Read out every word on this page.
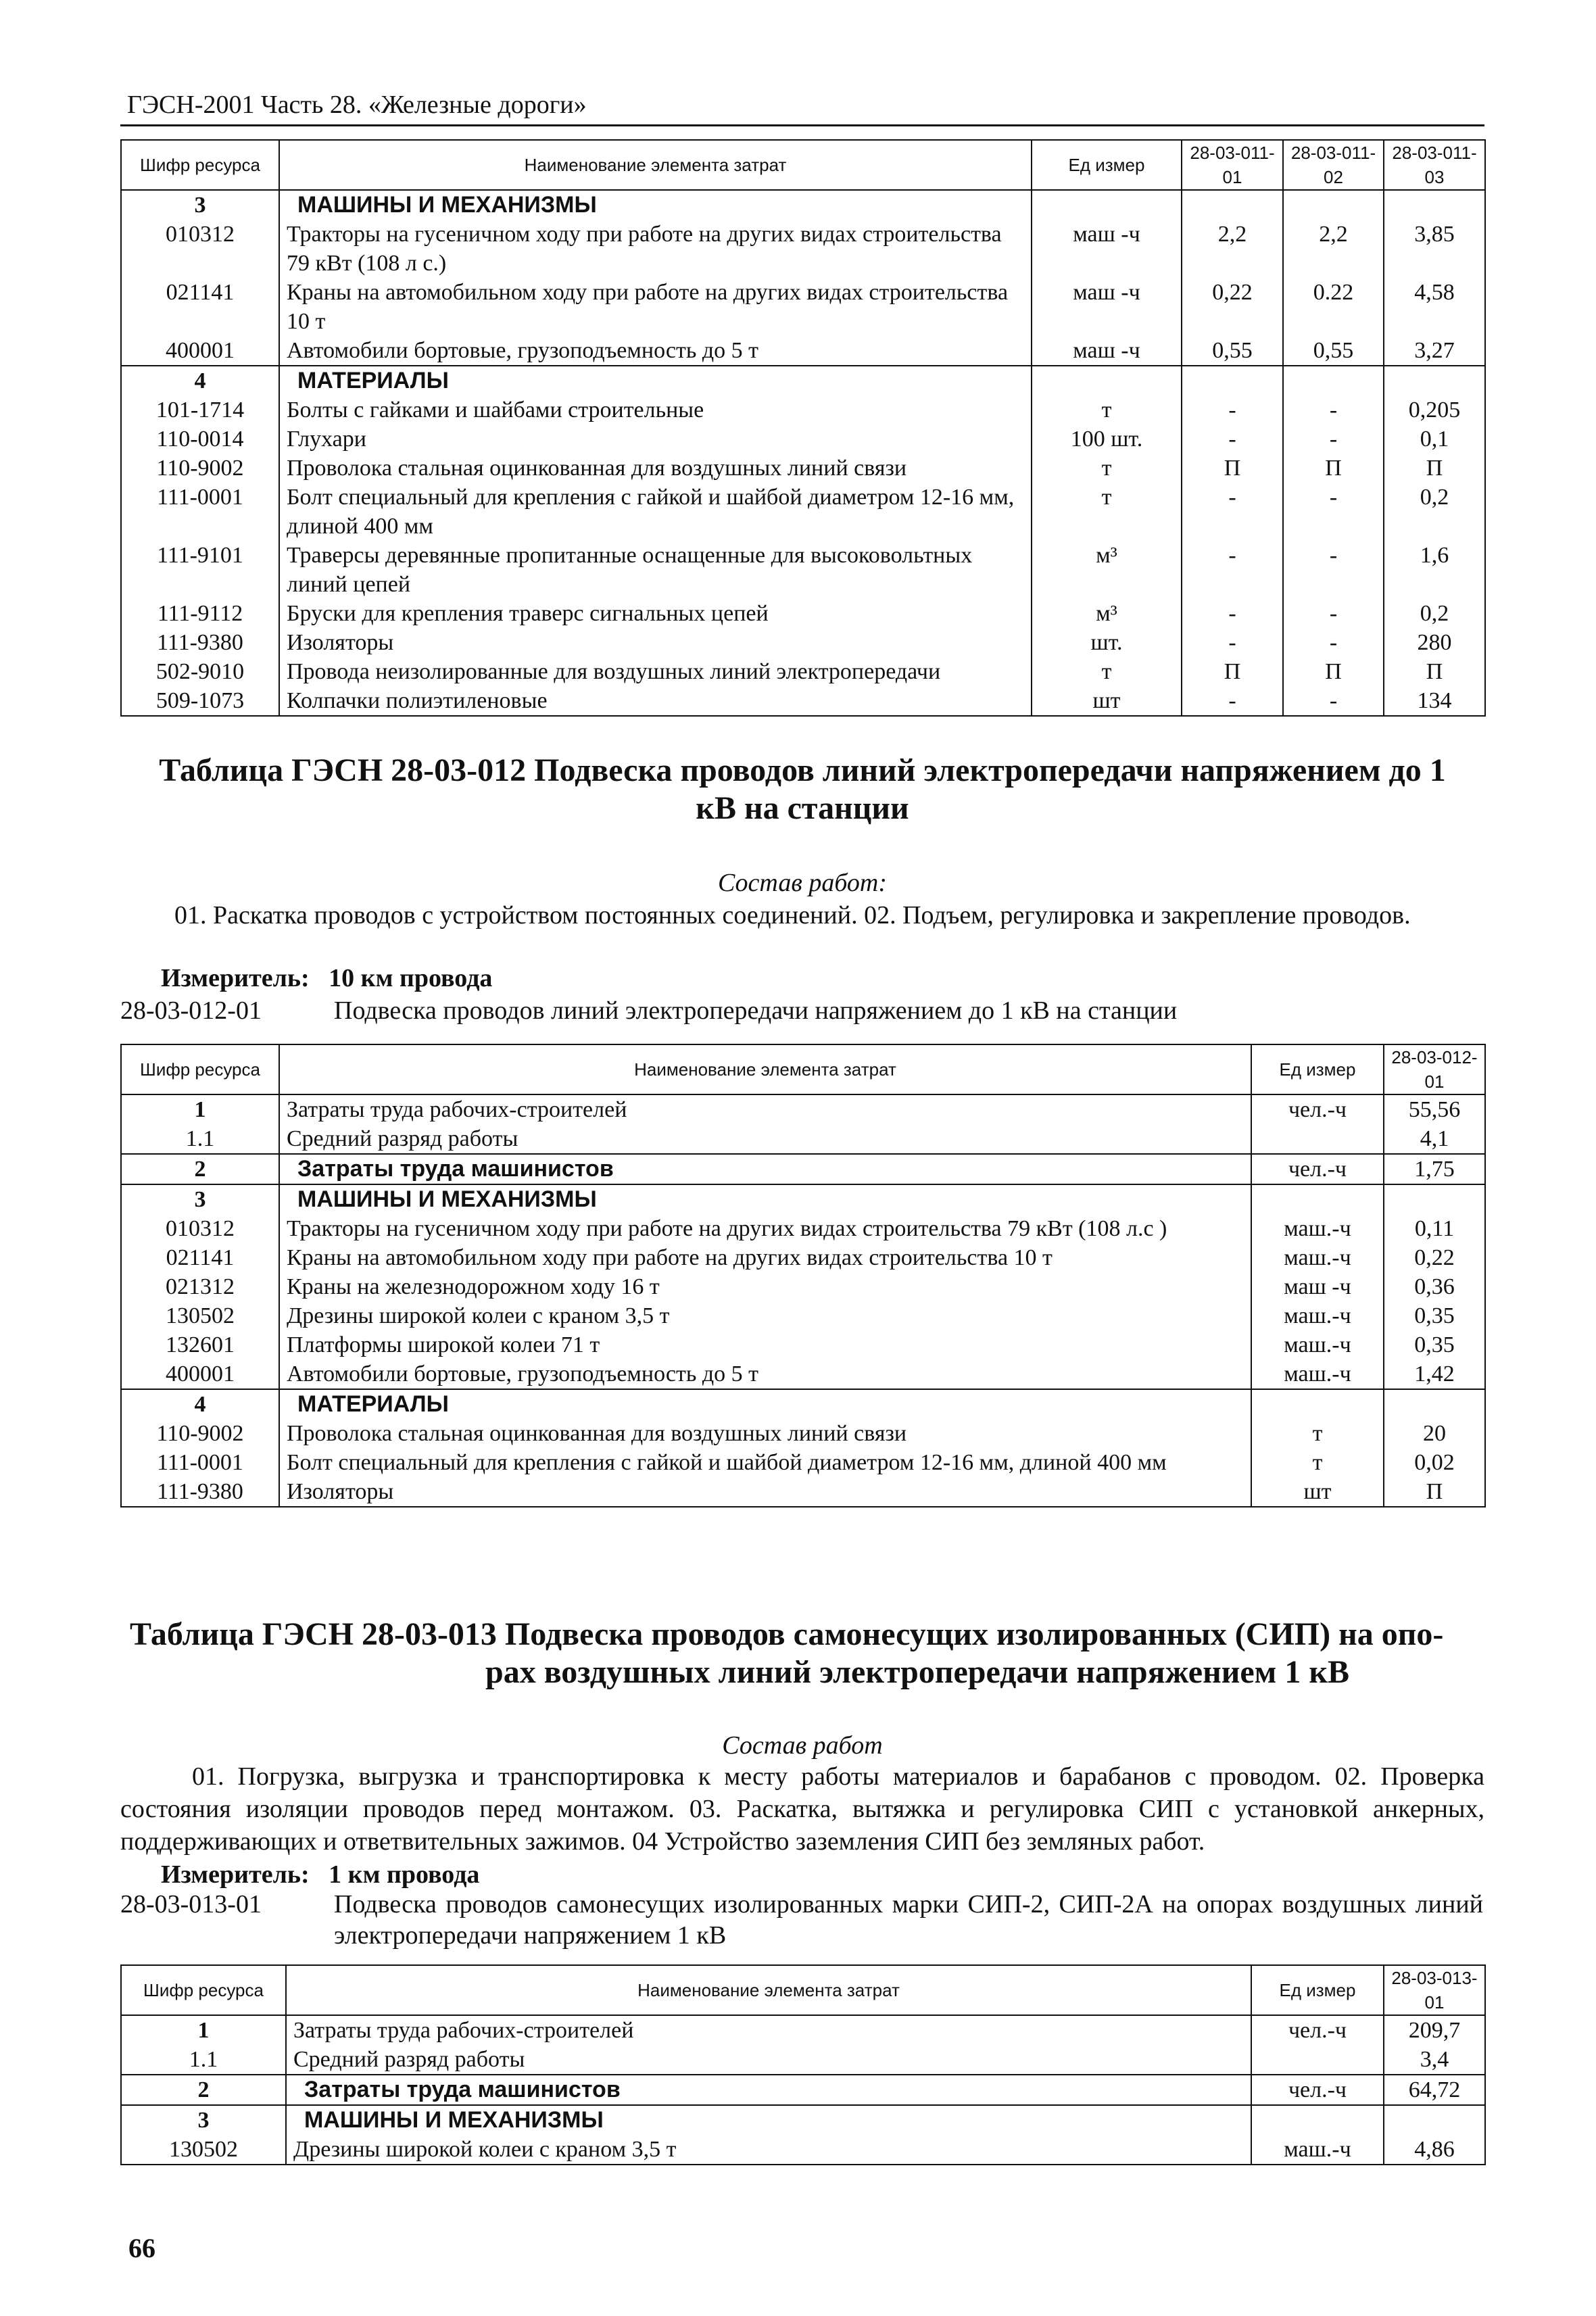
ГЭСН-2001 Часть 28. «Железные дороги»
Шифр ресурса	Наименование элемента затрат	Ед измер	28-03-011-01	28-03-011-02	28-03-011-03
3	МАШИНЫ И МЕХАНИЗМЫ				
010312	Тракторы на гусеничном ходу при работе на других видах строительства 79 кВт (108 л с.)	маш -ч	2,2	2,2	3,85
021141	Краны на автомобильном ходу при работе на других видах строительства 10 т	маш -ч	0,22	0.22	4,58
400001	Автомобили бортовые, грузоподъемность до 5 т	маш -ч	0,55	0,55	3,27
4	МАТЕРИАЛЫ				
101-1714	Болты с гайками и шайбами строительные	т	-	-	0,205
110-0014	Глухари	100 шт.	-	-	0,1
110-9002	Проволока стальная оцинкованная для воздушных линий связи	т	П	П	П
111-0001	Болт специальный для крепления с гайкой и шайбой диаметром 12-16 мм, длиной 400 мм	т	-	-	0,2
111-9101	Траверсы деревянные пропитанные оснащенные для высоковольтных линий цепей	м³	-	-	1,6
111-9112	Бруски для крепления траверс сигнальных цепей	м³	-	-	0,2
111-9380	Изоляторы	шт.	-	-	280
502-9010	Провода неизолированные для воздушных линий электропередачи	т	П	П	П
509-1073	Колпачки полиэтиленовые	шт	-	-	134
Таблица ГЭСН 28-03-012 Подвеска проводов линий электропередачи напряжением до 1
кВ на станции
Состав работ:
01. Раскатка проводов с устройством постоянных соединений. 02. Подъем, регулировка и закрепление проводов.
Измеритель: 10 км провода
28-03-012-01	Подвеска проводов линий электропередачи напряжением до 1 кВ на станции
Шифр ресурса	Наименование элемента затрат	Ед измер	28-03-012-01
1	Затраты труда рабочих-строителей	чел.-ч	55,56
1.1	Средний разряд работы		4,1
2	Затраты труда машинистов	чел.-ч	1,75
3	МАШИНЫ И МЕХАНИЗМЫ		
010312	Тракторы на гусеничном ходу при работе на других видах строительства 79 кВт (108 л.с )	маш.-ч	0,11
021141	Краны на автомобильном ходу при работе на других видах строительства 10 т	маш.-ч	0,22
021312	Краны на железнодорожном ходу 16 т	маш -ч	0,36
130502	Дрезины широкой колеи с краном 3,5 т	маш.-ч	0,35
132601	Платформы широкой колеи 71 т	маш.-ч	0,35
400001	Автомобили бортовые, грузоподъемность до 5 т	маш.-ч	1,42
4	МАТЕРИАЛЫ		
110-9002	Проволока стальная оцинкованная для воздушных линий связи	т	20
111-0001	Болт специальный для крепления с гайкой и шайбой диаметром 12-16 мм, длиной 400 мм	т	0,02
111-9380	Изоляторы	шт	П
Таблица ГЭСН 28-03-013 Подвеска проводов самонесущих изолированных (СИП) на опо-
рах воздушных линий электропередачи напряжением 1 кВ
Состав работ
01. Погрузка, выгрузка и транспортировка к месту работы материалов и барабанов с проводом. 02. Проверка состояния изоляции проводов перед монтажом. 03. Раскатка, вытяжка и регулировка СИП с установкой анкерных, поддерживающих и ответвительных зажимов. 04 Устройство заземления СИП без земляных работ.
Измеритель: 1 км провода
28-03-013-01	Подвеска проводов самонесущих изолированных марки СИП-2, СИП-2А на опорах воздушных линий электропередачи напряжением 1 кВ
Шифр ресурса	Наименование элемента затрат	Ед измер	28-03-013-01
1	Затраты труда рабочих-строителей	чел.-ч	209,7
1.1	Средний разряд работы		3,4
2	Затраты труда машинистов	чел.-ч	64,72
3	МАШИНЫ И МЕХАНИЗМЫ		
130502	Дрезины широкой колеи с краном 3,5 т	маш.-ч	4,86
66
